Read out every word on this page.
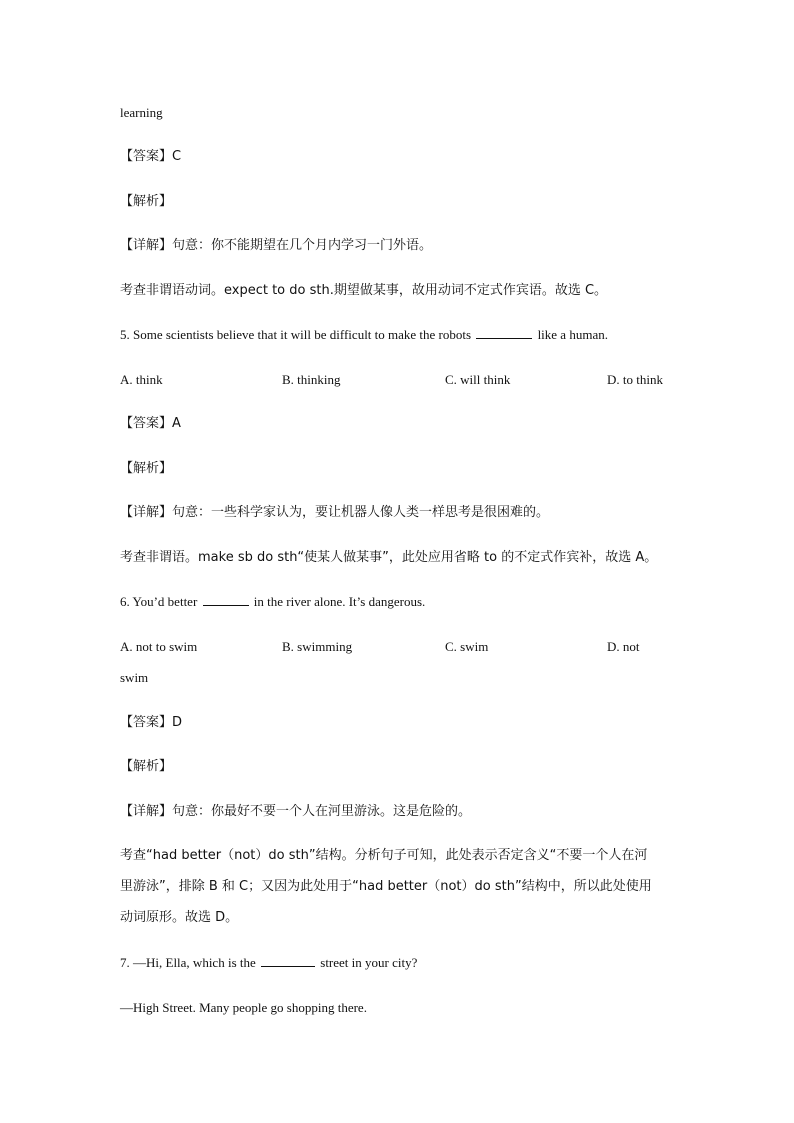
learning
【答案】C
【解析】
【详解】句意：你不能期望在几个月内学习一门外语。
考查非谓语动词。expect to do sth.期望做某事，故用动词不定式作宾语。故选 C。
5. Some scientists believe that it will be difficult to make the robots	like a human.
A. think	B. thinking	C. will think	D. to think
【答案】A
【解析】
【详解】句意：一些科学家认为，要让机器人像人类一样思考是很困难的。
考查非谓语。make sb do sth“使某人做某事”，此处应用省略 to 的不定式作宾补，故选 A。
6. You’d better	in the river alone. It’s dangerous.
A. not to swim	B. swimming	C. swim	D. not
swim
【答案】D
【解析】
【详解】句意：你最好不要一个人在河里游泳。这是危险的。
考查“had better（not）do sth”结构。分析句子可知，此处表示否定含义“不要一个人在河
里游泳”，排除 B 和 C；又因为此处用于“had better（not）do sth”结构中，所以此处使用
动词原形。故选 D。
7. —Hi, Ella, which is the	street in your city?
—High Street. Many people go shopping there.
